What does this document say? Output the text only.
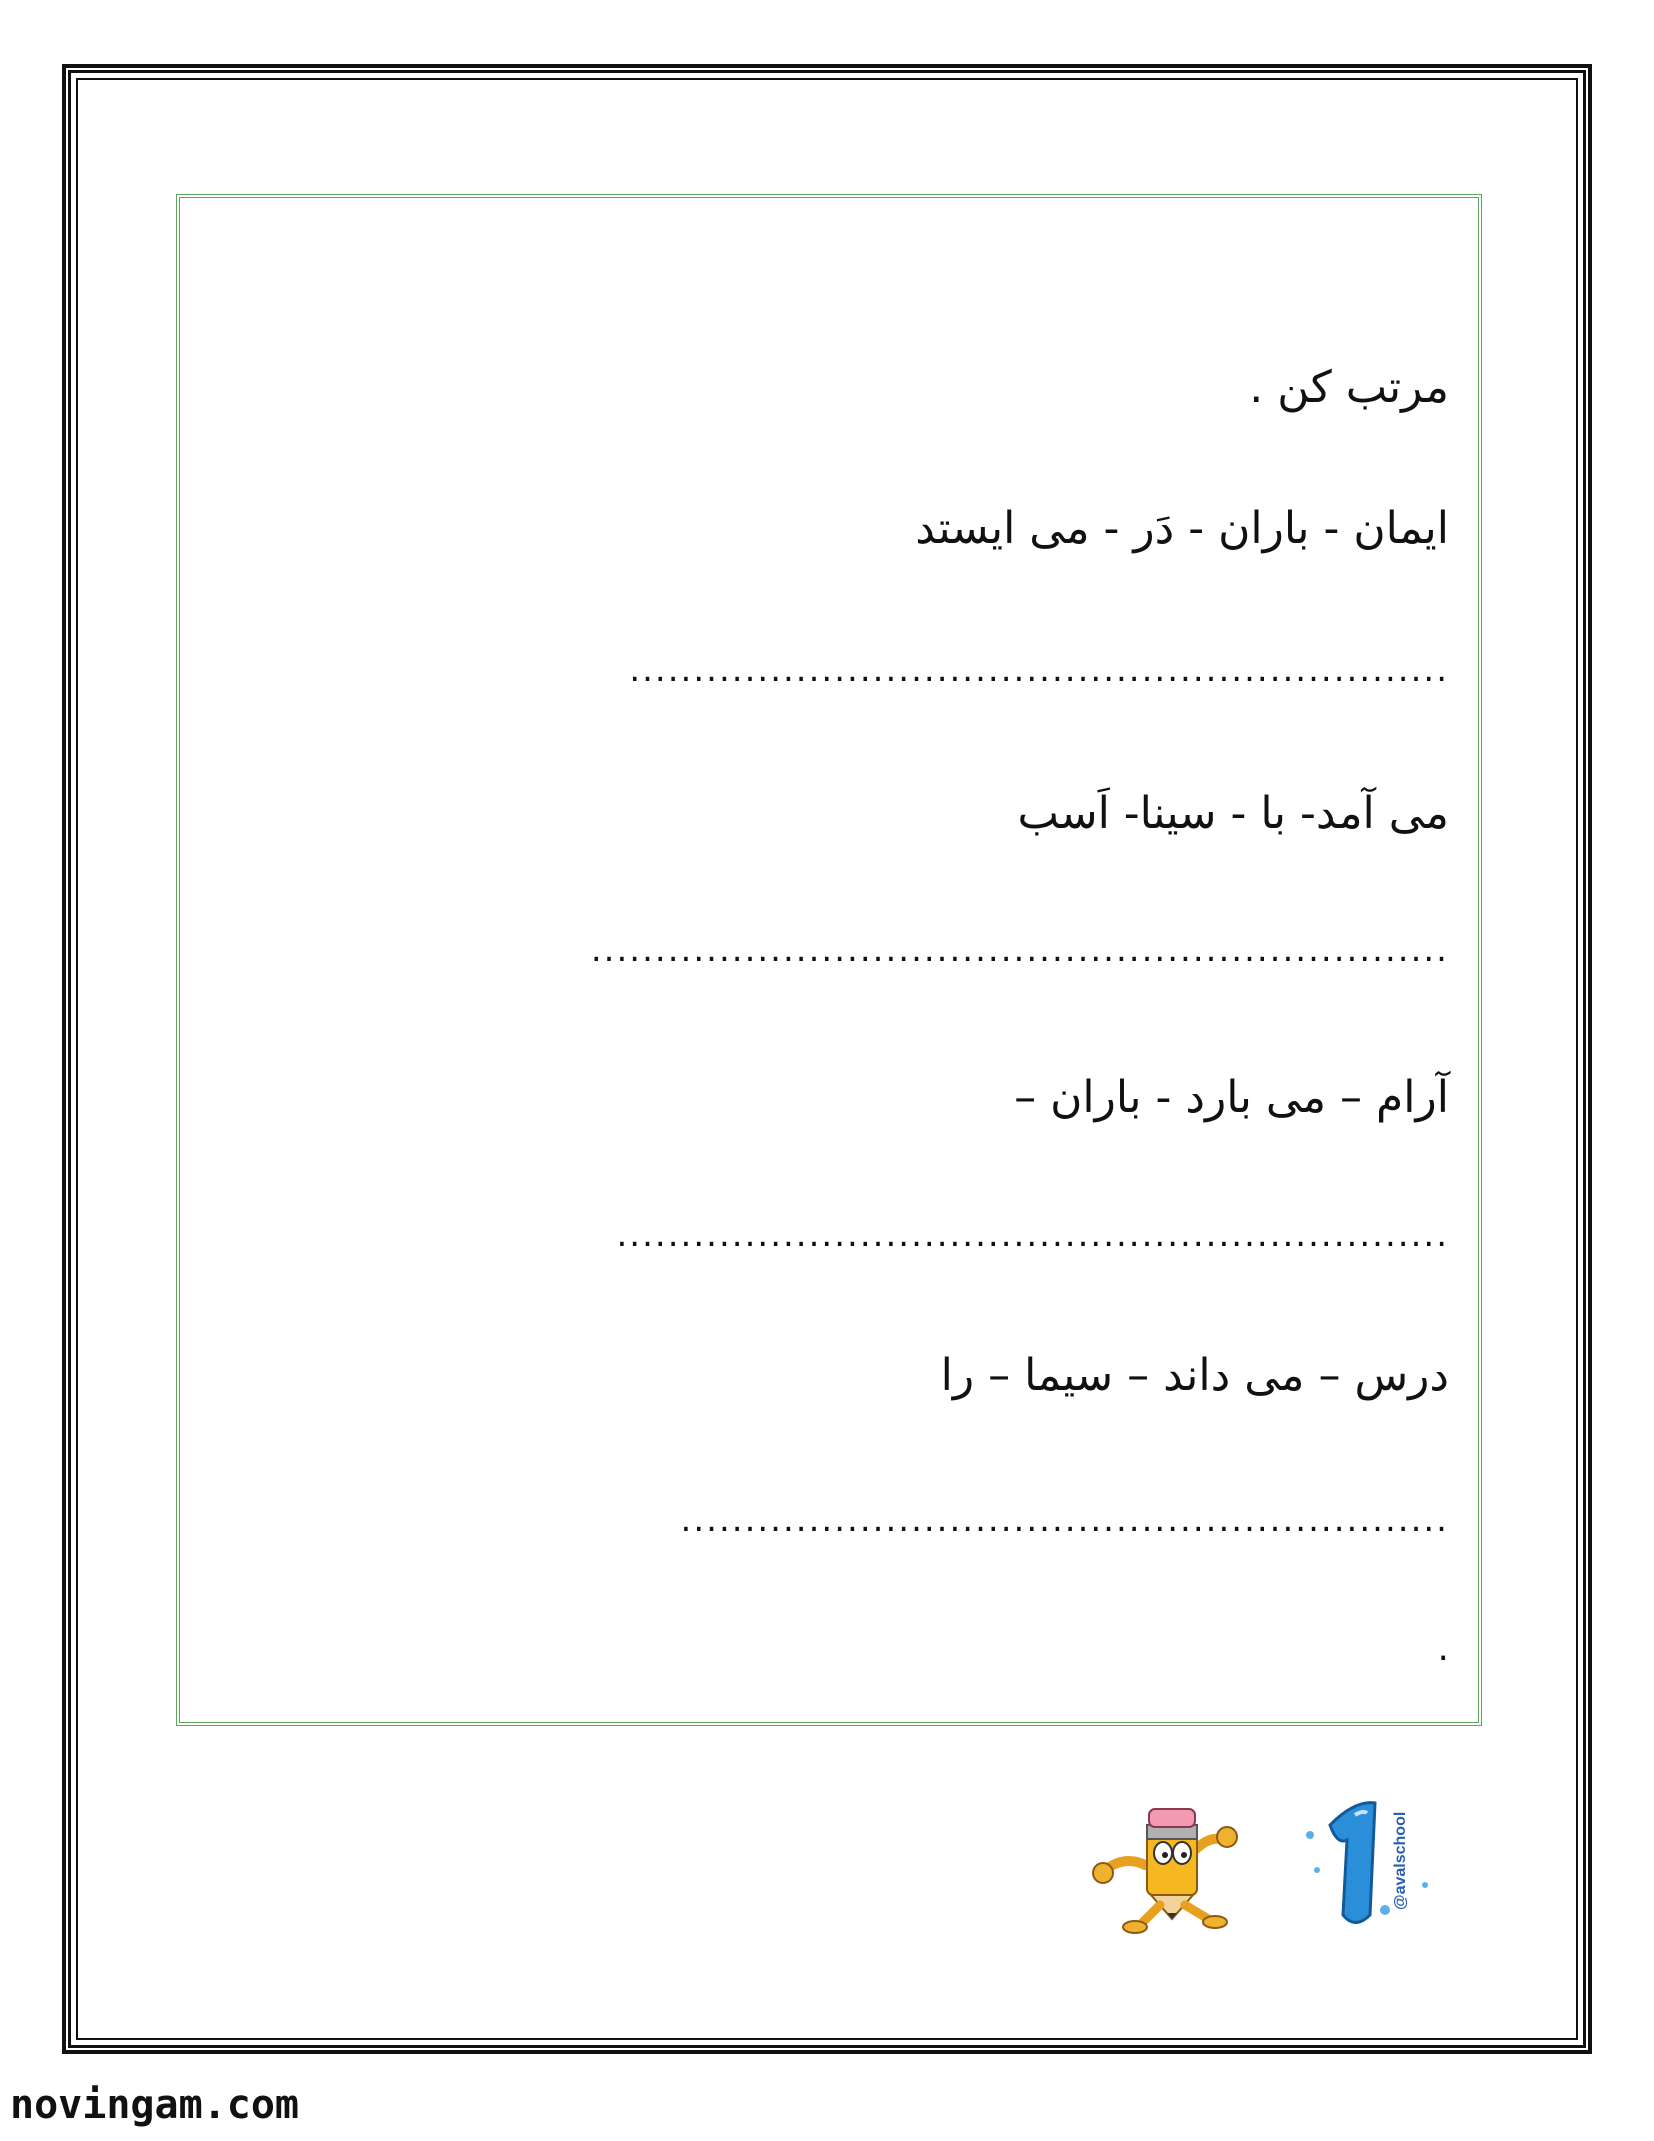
مرتب کن .
ایمان - باران - دَر - می ایستد
................................................................
می آمد- با - سینا- اَسب
...................................................................
آرام – می بارد - باران –
.................................................................
درس – می داند – سیما – را
............................................................
.
@avalschool
novingam.com
